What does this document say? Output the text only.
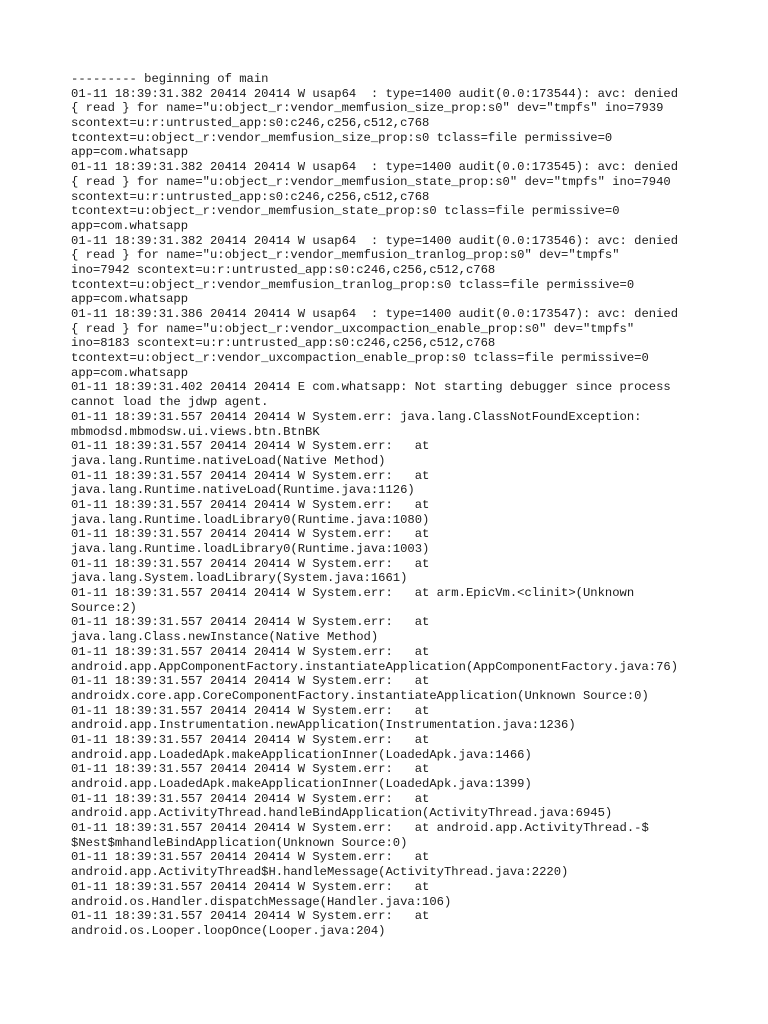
--------- beginning of main
01-11 18:39:31.382 20414 20414 W usap64  : type=1400 audit(0.0:173544): avc: denied
{ read } for name="u:object_r:vendor_memfusion_size_prop:s0" dev="tmpfs" ino=7939
scontext=u:r:untrusted_app:s0:c246,c256,c512,c768
tcontext=u:object_r:vendor_memfusion_size_prop:s0 tclass=file permissive=0
app=com.whatsapp
01-11 18:39:31.382 20414 20414 W usap64  : type=1400 audit(0.0:173545): avc: denied
{ read } for name="u:object_r:vendor_memfusion_state_prop:s0" dev="tmpfs" ino=7940
scontext=u:r:untrusted_app:s0:c246,c256,c512,c768
tcontext=u:object_r:vendor_memfusion_state_prop:s0 tclass=file permissive=0
app=com.whatsapp
01-11 18:39:31.382 20414 20414 W usap64  : type=1400 audit(0.0:173546): avc: denied
{ read } for name="u:object_r:vendor_memfusion_tranlog_prop:s0" dev="tmpfs"
ino=7942 scontext=u:r:untrusted_app:s0:c246,c256,c512,c768
tcontext=u:object_r:vendor_memfusion_tranlog_prop:s0 tclass=file permissive=0
app=com.whatsapp
01-11 18:39:31.386 20414 20414 W usap64  : type=1400 audit(0.0:173547): avc: denied
{ read } for name="u:object_r:vendor_uxcompaction_enable_prop:s0" dev="tmpfs"
ino=8183 scontext=u:r:untrusted_app:s0:c246,c256,c512,c768
tcontext=u:object_r:vendor_uxcompaction_enable_prop:s0 tclass=file permissive=0
app=com.whatsapp
01-11 18:39:31.402 20414 20414 E com.whatsapp: Not starting debugger since process
cannot load the jdwp agent.
01-11 18:39:31.557 20414 20414 W System.err: java.lang.ClassNotFoundException:
mbmodsd.mbmodsw.ui.views.btn.BtnBK
01-11 18:39:31.557 20414 20414 W System.err:   at
java.lang.Runtime.nativeLoad(Native Method)
01-11 18:39:31.557 20414 20414 W System.err:   at
java.lang.Runtime.nativeLoad(Runtime.java:1126)
01-11 18:39:31.557 20414 20414 W System.err:   at
java.lang.Runtime.loadLibrary0(Runtime.java:1080)
01-11 18:39:31.557 20414 20414 W System.err:   at
java.lang.Runtime.loadLibrary0(Runtime.java:1003)
01-11 18:39:31.557 20414 20414 W System.err:   at
java.lang.System.loadLibrary(System.java:1661)
01-11 18:39:31.557 20414 20414 W System.err:   at arm.EpicVm.<clinit>(Unknown
Source:2)
01-11 18:39:31.557 20414 20414 W System.err:   at
java.lang.Class.newInstance(Native Method)
01-11 18:39:31.557 20414 20414 W System.err:   at
android.app.AppComponentFactory.instantiateApplication(AppComponentFactory.java:76)
01-11 18:39:31.557 20414 20414 W System.err:   at
androidx.core.app.CoreComponentFactory.instantiateApplication(Unknown Source:0)
01-11 18:39:31.557 20414 20414 W System.err:   at
android.app.Instrumentation.newApplication(Instrumentation.java:1236)
01-11 18:39:31.557 20414 20414 W System.err:   at
android.app.LoadedApk.makeApplicationInner(LoadedApk.java:1466)
01-11 18:39:31.557 20414 20414 W System.err:   at
android.app.LoadedApk.makeApplicationInner(LoadedApk.java:1399)
01-11 18:39:31.557 20414 20414 W System.err:   at
android.app.ActivityThread.handleBindApplication(ActivityThread.java:6945)
01-11 18:39:31.557 20414 20414 W System.err:   at android.app.ActivityThread.-$
$Nest$mhandleBindApplication(Unknown Source:0)
01-11 18:39:31.557 20414 20414 W System.err:   at
android.app.ActivityThread$H.handleMessage(ActivityThread.java:2220)
01-11 18:39:31.557 20414 20414 W System.err:   at
android.os.Handler.dispatchMessage(Handler.java:106)
01-11 18:39:31.557 20414 20414 W System.err:   at
android.os.Looper.loopOnce(Looper.java:204)
